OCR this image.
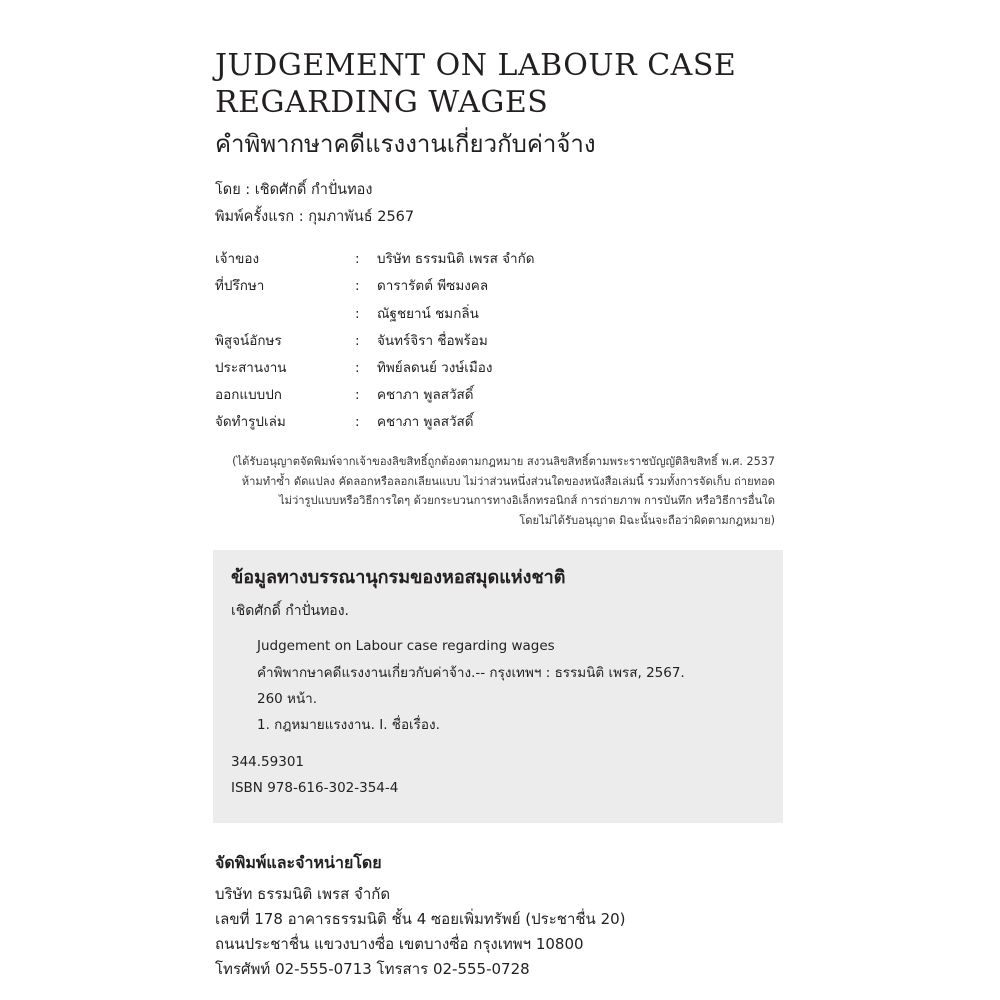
JUDGEMENT ON LABOUR CASE REGARDING WAGES
คำพิพากษาคดีแรงงานเกี่ยวกับค่าจ้าง

โดย : เชิดศักดิ์ กำปั่นทอง

พิมพ์ครั้งแรก : กุมภาพันธ์ 2567

เจ้าของ	:	บริษัท ธรรมนิติ เพรส จำกัด
ที่ปรึกษา	:	ดารารัตต์ พีซมงคล
	:	ณัฐชยาน์ ชมกลิ่น
พิสูจน์อักษร	:	จันทร์จิรา ชื่อพร้อม
ประสานงาน	:	ทิพย์ลดนย์ วงษ์เมือง
ออกแบบปก	:	คชาภา พูลสวัสดิ์
จัดทำรูปเล่ม	:	คชาภา พูลสวัสดิ์
(ได้รับอนุญาตจัดพิมพ์จากเจ้าของลิขสิทธิ์ถูกต้องตามกฎหมาย สงวนลิขสิทธิ์ตามพระราชบัญญัติลิขสิทธิ์ พ.ศ. 2537
ห้ามทำซ้ำ ดัดแปลง คัดลอกหรือลอกเลียนแบบ ไม่ว่าส่วนหนึ่งส่วนใดของหนังสือเล่มนี้ รวมทั้งการจัดเก็บ ถ่ายทอด
ไม่ว่ารูปแบบหรือวิธีการใดๆ ด้วยกระบวนการทางอิเล็กทรอนิกส์ การถ่ายภาพ การบันทึก หรือวิธีการอื่นใด
โดยไม่ได้รับอนุญาต มิฉะนั้นจะถือว่าผิดตามกฎหมาย)
ข้อมูลทางบรรณานุกรมของหอสมุดแห่งชาติ
เชิดศักดิ์ กำปั่นทอง.

Judgement on Labour case regarding wages

คำพิพากษาคดีแรงงานเกี่ยวกับค่าจ้าง.-- กรุงเทพฯ : ธรรมนิติ เพรส, 2567.

260 หน้า.

1. กฎหมายแรงงาน. I. ชื่อเรื่อง.

344.59301

ISBN 978-616-302-354-4

จัดพิมพ์และจำหน่ายโดย

บริษัท ธรรมนิติ เพรส จำกัด

เลขที่ 178 อาคารธรรมนิติ ชั้น 4 ซอยเพิ่มทรัพย์ (ประชาชื่น 20)

ถนนประชาชื่น แขวงบางซื่อ เขตบางซื่อ กรุงเทพฯ 10800

โทรศัพท์ 02-555-0713 โทรสาร 02-555-0728
